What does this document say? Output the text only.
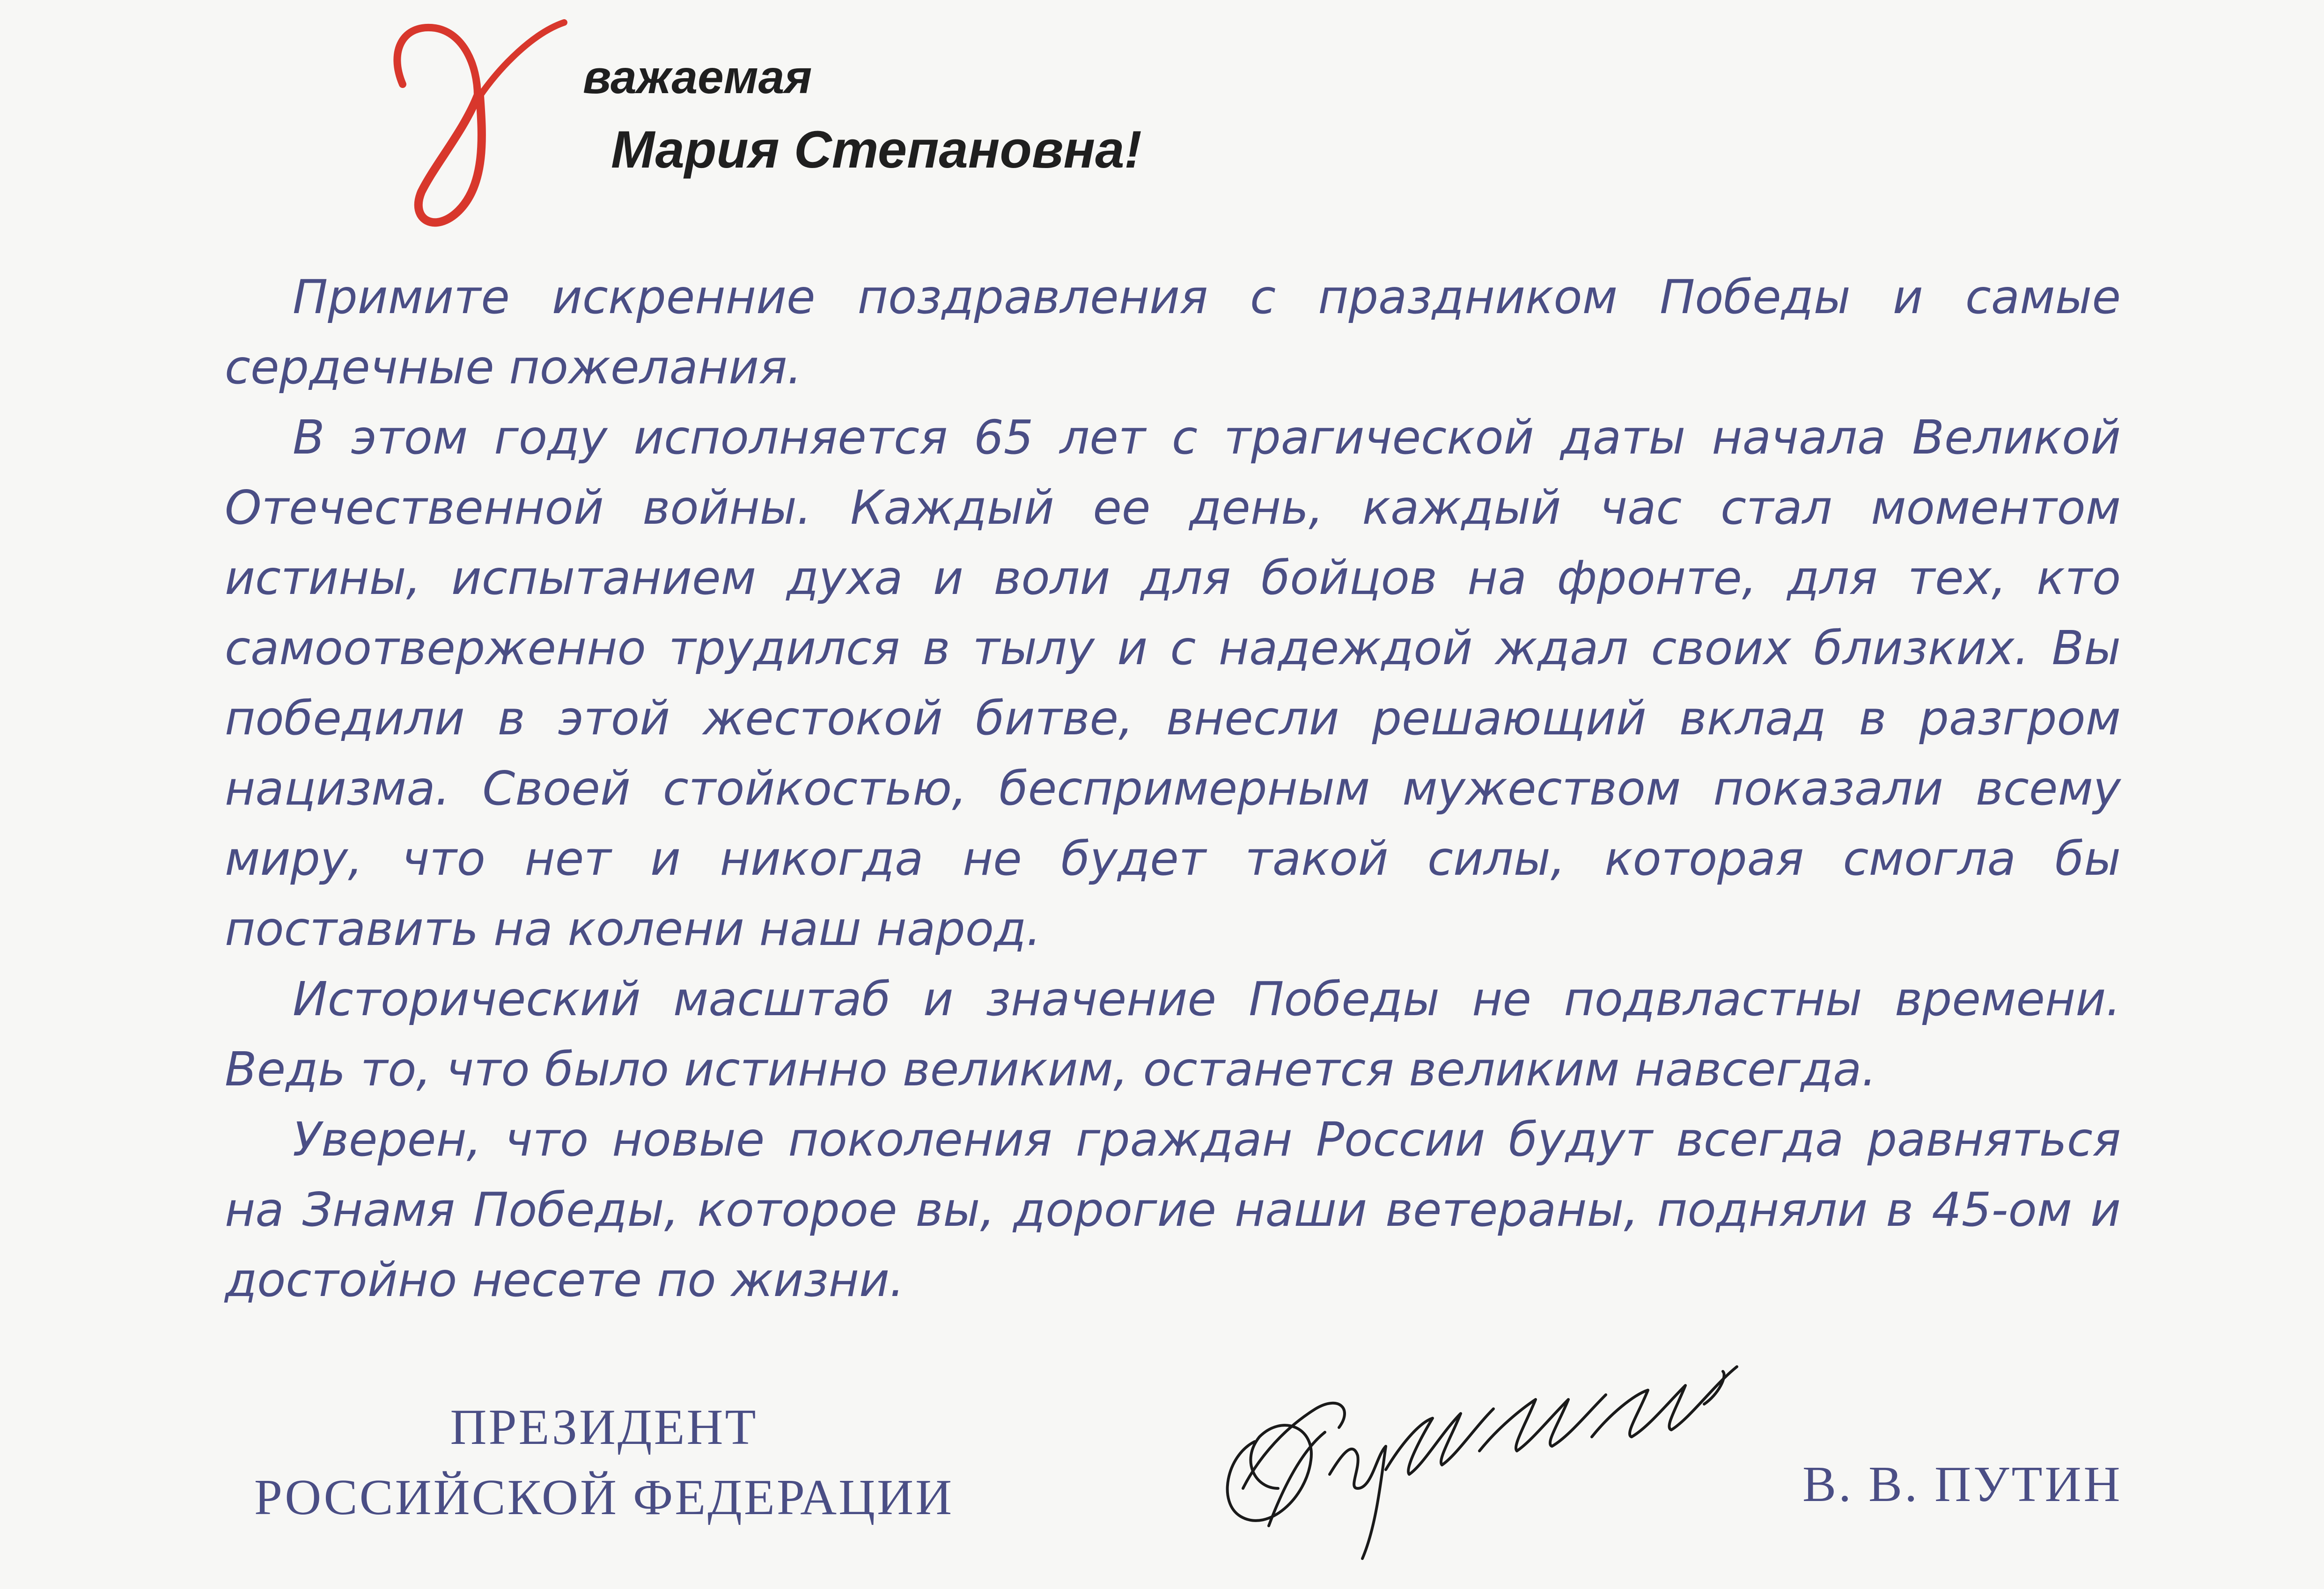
важаемая
Мария Степановна!

Примите искренние поздравления с праздником Победы и самые сердечные пожелания.

В этом году исполняется 65 лет с трагической даты начала Великой Отечественной войны. Каждый ее день, каждый час стал моментом истины, испытанием духа и воли для бойцов на фронте, для тех, кто самоотверженно трудился в тылу и с надеждой ждал своих близких. Вы победили в этой жестокой битве, внесли решающий вклад в разгром нацизма. Своей стойкостью, беспримерным мужеством показали всему миру, что нет и никогда не будет такой силы, которая смогла бы поставить на колени наш народ.

Исторический масштаб и значение Победы не подвластны времени. Ведь то, что было истинно великим, останется великим навсегда.

Уверен, что новые поколения граждан России будут всегда равняться на Знамя Победы, которое вы, дорогие наши ветераны, подняли в 45-ом и достойно несете по жизни.

ПРЕЗИДЕНТ
РОССИЙСКОЙ ФЕДЕРАЦИИ	В. В. ПУТИН
